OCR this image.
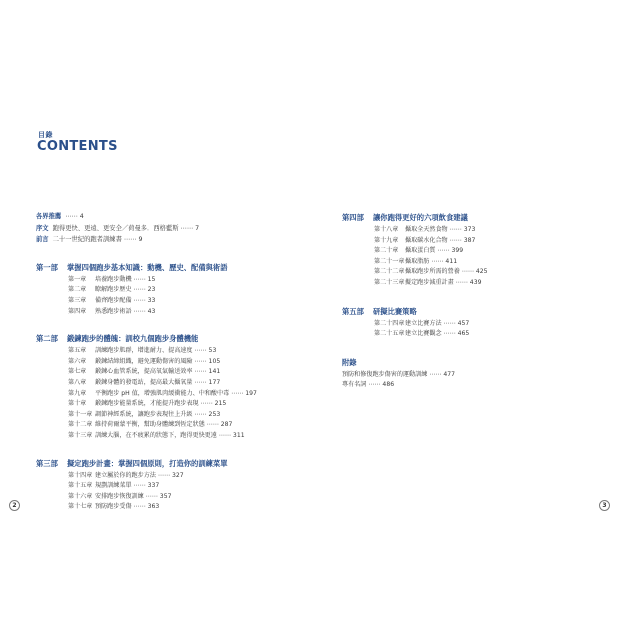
目錄
CONTENTS
各界推薦 ⋯⋯ 4
序文 跑得更快、更遠、更安全／荷曼多．西格藍斯 ⋯⋯ 7
前言 二十一世紀的跑者訓練書 ⋯⋯ 9
第一部 掌握四個跑步基本知識：動機、歷史、配備與術語
第一章 培養跑步動機 ⋯⋯ 15
第二章 瞭解跑步歷史 ⋯⋯ 23
第三章 備齊跑步配備 ⋯⋯ 33
第四章 熟悉跑步術語 ⋯⋯ 43
第二部 鍛鍊跑步的體魄：訓校九個跑步身體機能
第五章 訓練跑步肌群，增進耐力、提高速度 ⋯⋯ 53
第六章 鍛鍊結締組織，避免運動傷害的風險 ⋯⋯ 105
第七章 鍛鍊心血管系統，提高氧氣輸送效率 ⋯⋯ 141
第八章 鍛鍊身體的發電站，提高最大攝氧量 ⋯⋯ 177
第九章 平衡跑步 pH 值，增強肌肉緩衝能力、中和酸中毒 ⋯⋯ 197
第十章 鍛鍊跑步能量系統，才能提升跑步表現 ⋯⋯ 215
第十一章 調節神經系統，讓跑步表現往上升級 ⋯⋯ 253
第十二章 維持荷爾蒙平衡，幫助身體練到恆定狀態 ⋯⋯ 287
第十三章 訓練大腦，在不疲累的狀態下，跑得更快更遠 ⋯⋯ 311
第三部 擬定跑步計畫：掌握四個原則，打造你的訓練菜單
第十四章 建立屬於你的跑步方法 ⋯⋯ 327
第十五章 規劃訓練菜單 ⋯⋯ 337
第十六章 安排跑步恢復訓練 ⋯⋯ 357
第十七章 預防跑步受傷 ⋯⋯ 363
第四部 讓你跑得更好的六項飲食建議
第十八章 攝取全天然食物 ⋯⋯ 373
第十九章 攝取碳水化合物 ⋯⋯ 387
第二十章 攝取蛋白質 ⋯⋯ 399
第二十一章攝取脂肪 ⋯⋯ 411
第二十二章攝取跑步所需的營養 ⋯⋯ 425
第二十三章擬定跑步減重計畫 ⋯⋯ 439
第五部 研擬比賽策略
第二十四章建立比賽方法 ⋯⋯ 457
第二十五章建立比賽觀念 ⋯⋯ 465
附錄
預防和修復跑步傷害的運動訓練 ⋯⋯ 477
專有名詞 ⋯⋯ 486
2	3
